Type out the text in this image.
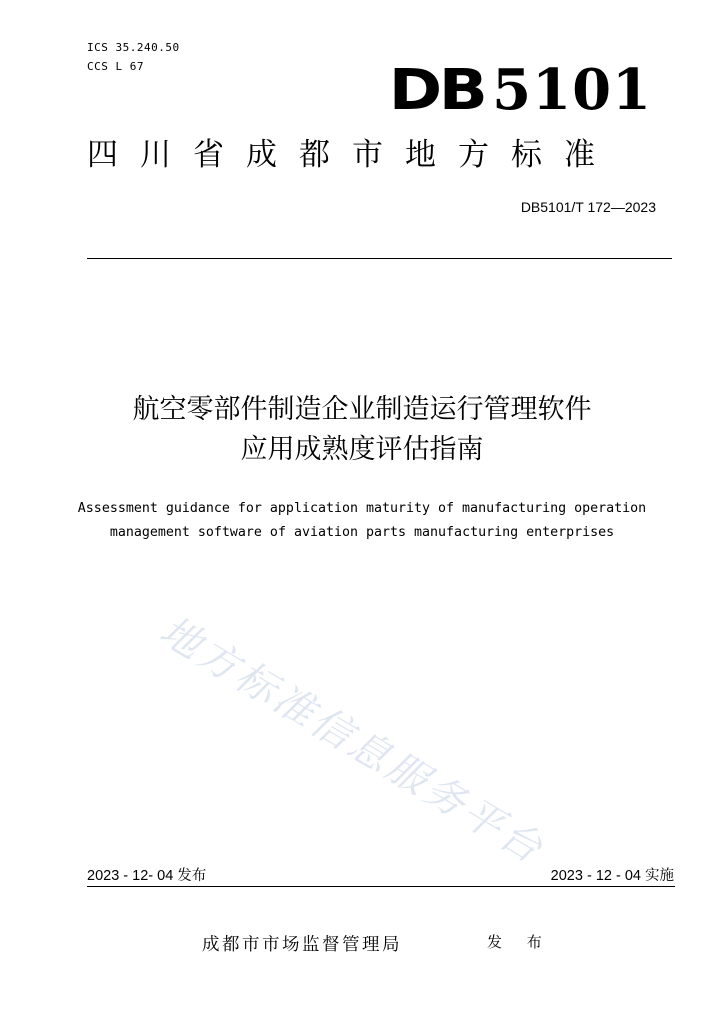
ICS 35.240.50
CCS L 67	DB 5101
四川省成都市地方标准
DB5101/T 172—2023
航空零部件制造企业制造运行管理软件
应用成熟度评估指南
Assessment guidance for application maturity of manufacturing operation
management software of aviation parts manufacturing enterprises
地方标准信息服务平台
2023 - 12- 04 发布	2023 - 12 - 04 实施
成都市市场监督管理局	发 布
